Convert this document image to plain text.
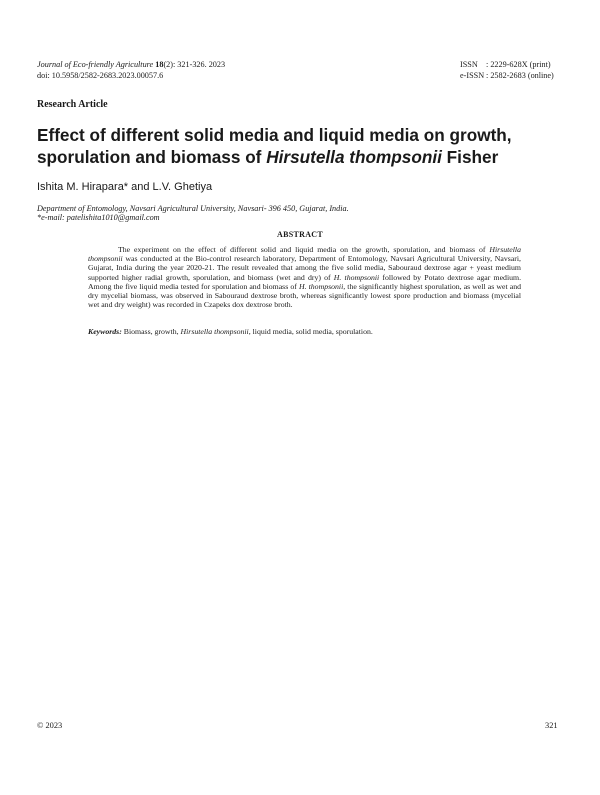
Journal of Eco-friendly Agriculture 18(2): 321-326. 2023
doi: 10.5958/2582-2683.2023.00057.6
ISSN : 2229-628X (print)
e-ISSN : 2582-2683 (online)
Research Article
Effect of different solid media and liquid media on growth, sporulation and biomass of Hirsutella thompsonii Fisher
Ishita M. Hirapara* and L.V. Ghetiya
Department of Entomology, Navsari Agricultural University, Navsari- 396 450, Gujarat, India.
*e-mail: patelishita1010@gmail.com
ABSTRACT
The experiment on the effect of different solid and liquid media on the growth, sporulation, and biomass of Hirsutella thompsonii was conducted at the Bio-control research laboratory, Department of Entomology, Navsari Agricultural University, Navsari, Gujarat, India during the year 2020-21. The result revealed that among the five solid media, Sabouraud dextrose agar + yeast medium supported higher radial growth, sporulation, and biomass (wet and dry) of H. thompsonii followed by Potato dextrose agar medium. Among the five liquid media tested for sporulation and biomass of H. thompsonii, the significantly highest sporulation, as well as wet and dry mycelial biomass, was observed in Sabouraud dextrose broth, whereas significantly lowest spore production and biomass (mycelial wet and dry weight) was recorded in Czapeks dox dextrose broth.
Keywords: Biomass, growth, Hirsutella thompsonii, liquid media, solid media, sporulation.
© 2023	321
